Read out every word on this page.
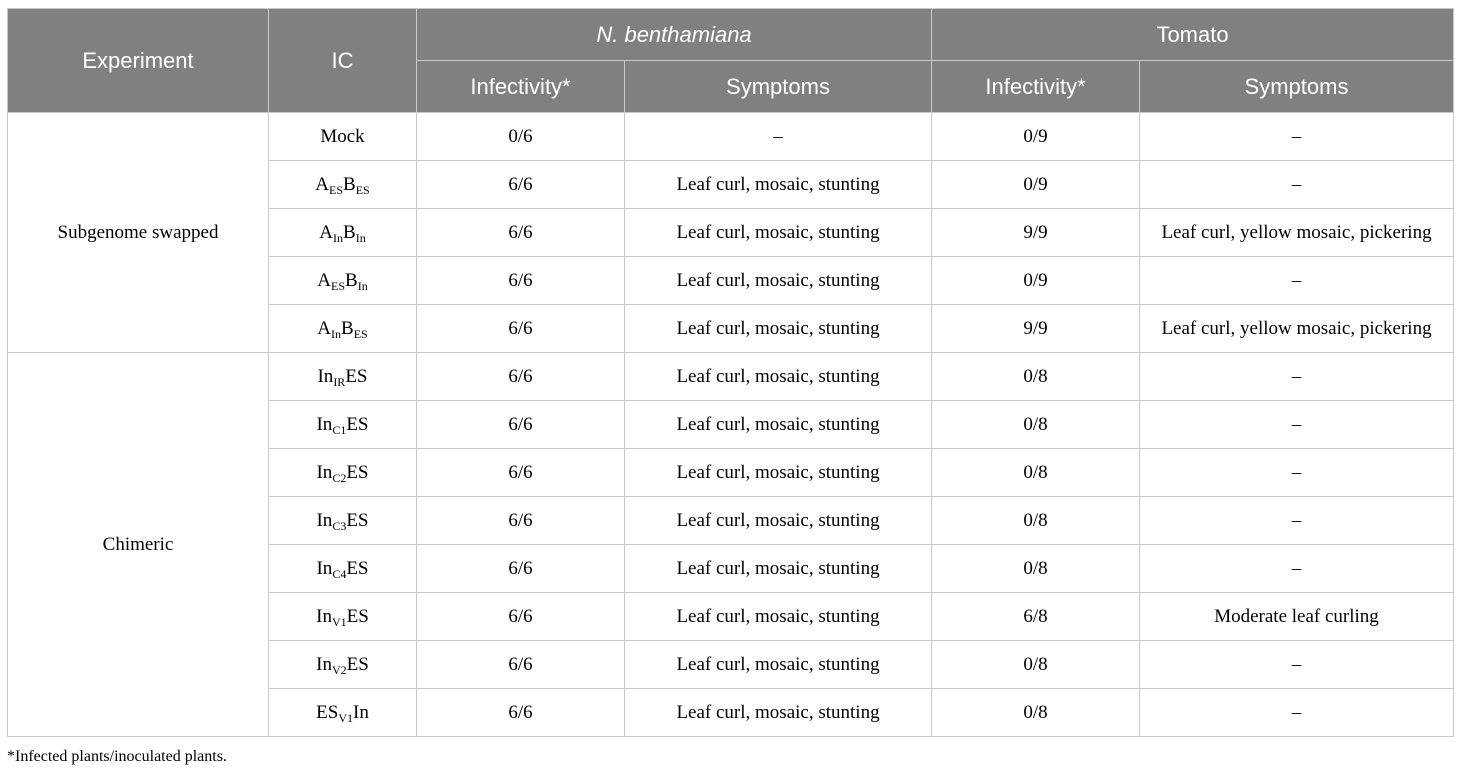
Experiment	IC	N. benthamiana		Tomato	
		Infectivity*	Symptoms	Infectivity*	Symptoms
Subgenome swapped	Mock	0/6	–	0/9	–
	$A_{ES}B_{ES}$	6/6	Leaf curl, mosaic, stunting	0/9	–
	$A_{In}B_{In}$	6/6	Leaf curl, mosaic, stunting	9/9	Leaf curl, yellow mosaic, pickering
	$A_{ES}B_{In}$	6/6	Leaf curl, mosaic, stunting	0/9	–
	$A_{In}B_{ES}$	6/6	Leaf curl, mosaic, stunting	9/9	Leaf curl, yellow mosaic, pickering
Chimeric	$In_{IR}ES$	6/6	Leaf curl, mosaic, stunting	0/8	–
	$In_{C1}ES$	6/6	Leaf curl, mosaic, stunting	0/8	–
	$In_{C2}ES$	6/6	Leaf curl, mosaic, stunting	0/8	–
	$In_{C3}ES$	6/6	Leaf curl, mosaic, stunting	0/8	–
	$In_{C4}ES$	6/6	Leaf curl, mosaic, stunting	0/8	–
	$In_{V1}ES$	6/6	Leaf curl, mosaic, stunting	6/8	Moderate leaf curling
	$In_{V2}ES$	6/6	Leaf curl, mosaic, stunting	0/8	–
	$ES_{V1}In$	6/6	Leaf curl, mosaic, stunting	0/8	–
*Infected plants/inoculated plants.
